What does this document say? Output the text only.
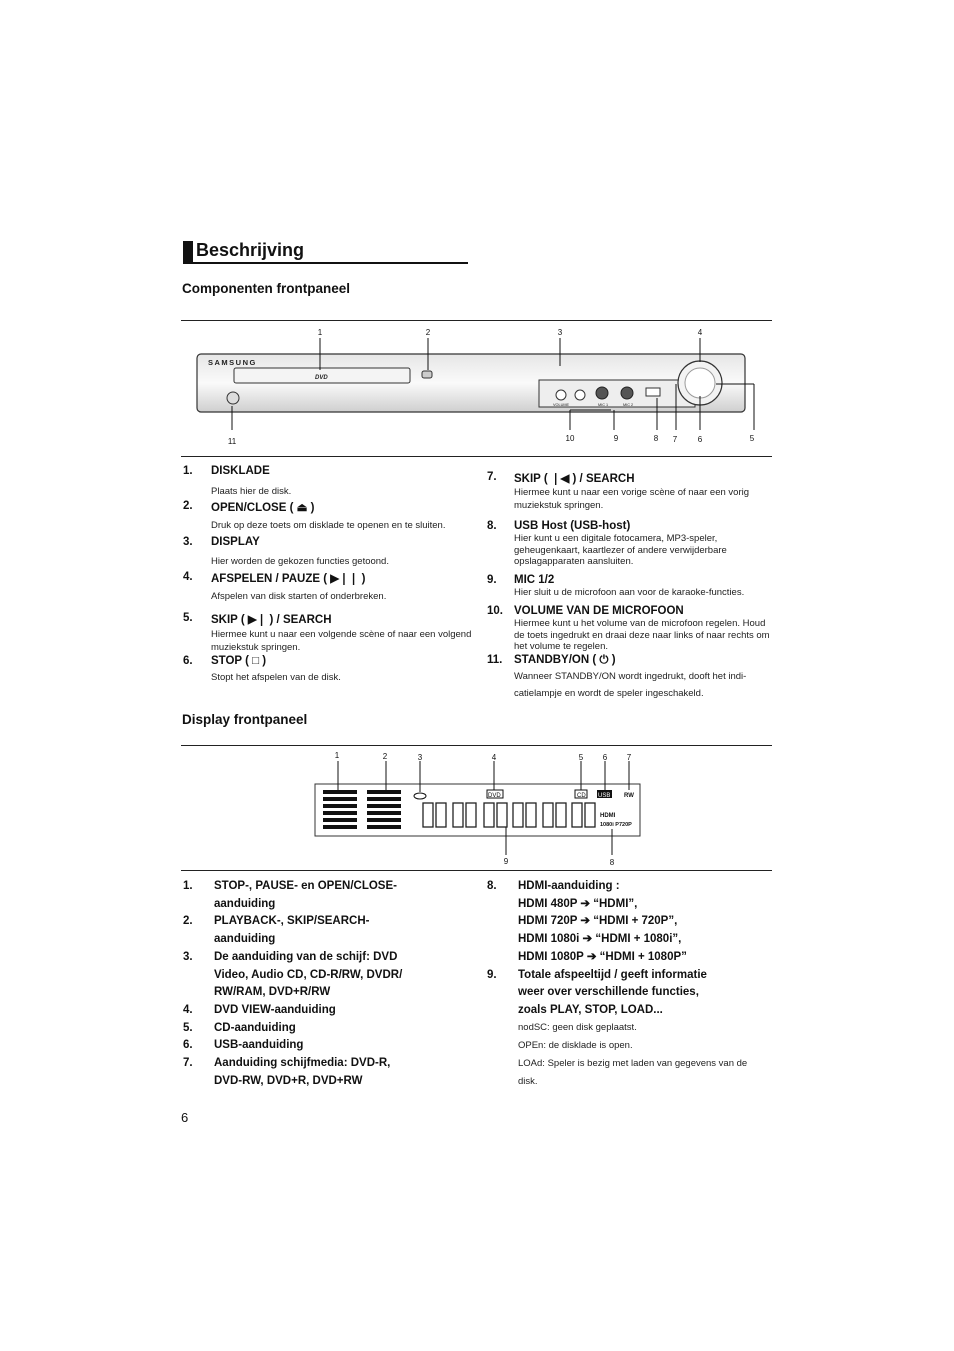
Beschrijving
Componenten frontpaneel
SAMSUNG
DVD
VOLUME	MIC 1	MIC 2
1	2	3	4
11	10	9	8 7	6	5
1. DISKLADE
Plaats hier de disk.
2. OPEN/CLOSE ( ⏏ )
Druk op deze toets om disklade te openen en te sluiten.
3. DISPLAY
Hier worden de gekozen functies getoond.
4. AFSPELEN / PAUZE ( ▶❘❘ )
Afspelen van disk starten of onderbreken.
5. SKIP ( ▶❘ ) / SEARCH
Hiermee kunt u naar een volgende scène of naar een volgend muziekstuk springen.
6. STOP ( □ )
Stopt het afspelen van de disk.
7. SKIP ( ❘◀ ) / SEARCH
Hiermee kunt u naar een vorige scène of naar een vorig muziekstuk springen.
8. USB Host (USB-host)
Hier kunt u een digitale fotocamera, MP3-speler, geheugenkaart, kaartlezer of andere verwijderbare opslagapparaten aansluiten.
9. MIC 1/2
Hier sluit u de microfoon aan voor de karaoke-functies.
10. VOLUME VAN DE MICROFOON
Hiermee kunt u het volume van de microfoon regelen. Houd de toets ingedrukt en draai deze naar links of naar rechts om het volume te regelen.
11. STANDBY/ON ( ⏻ )
Wanneer STANDBY/ON wordt ingedrukt, dooft het indi-catielampje en wordt de speler ingeschakeld.
Display frontpaneel
DVD	CD USB RW
HDMI
1080i P720P
1	2	3	4	5 6 7
9	8
1. STOP-, PAUSE- en OPEN/CLOSE-
aanduiding
2. PLAYBACK-, SKIP/SEARCH-
aanduiding
3. De aanduiding van de schijf: DVD
Video, Audio CD, CD-R/RW, DVDR/
RW/RAM, DVD+R/RW
4. DVD VIEW-aanduiding
5. CD-aanduiding
6. USB-aanduiding
7. Aanduiding schijfmedia: DVD-R,
DVD-RW, DVD+R, DVD+RW
8. HDMI-aanduiding :
HDMI 480P ➔ “HDMI”,
HDMI 720P ➔ “HDMI + 720P”,
HDMI 1080i ➔ “HDMI + 1080i”,
HDMI 1080P ➔ “HDMI + 1080P”
9. Totale afspeeltijd / geeft informatie
weer over verschillende functies,
zoals PLAY, STOP, LOAD...
nodSC: geen disk geplaatst.
OPEn: de disklade is open.
LOAd: Speler is bezig met laden van gegevens van de
disk.
6
